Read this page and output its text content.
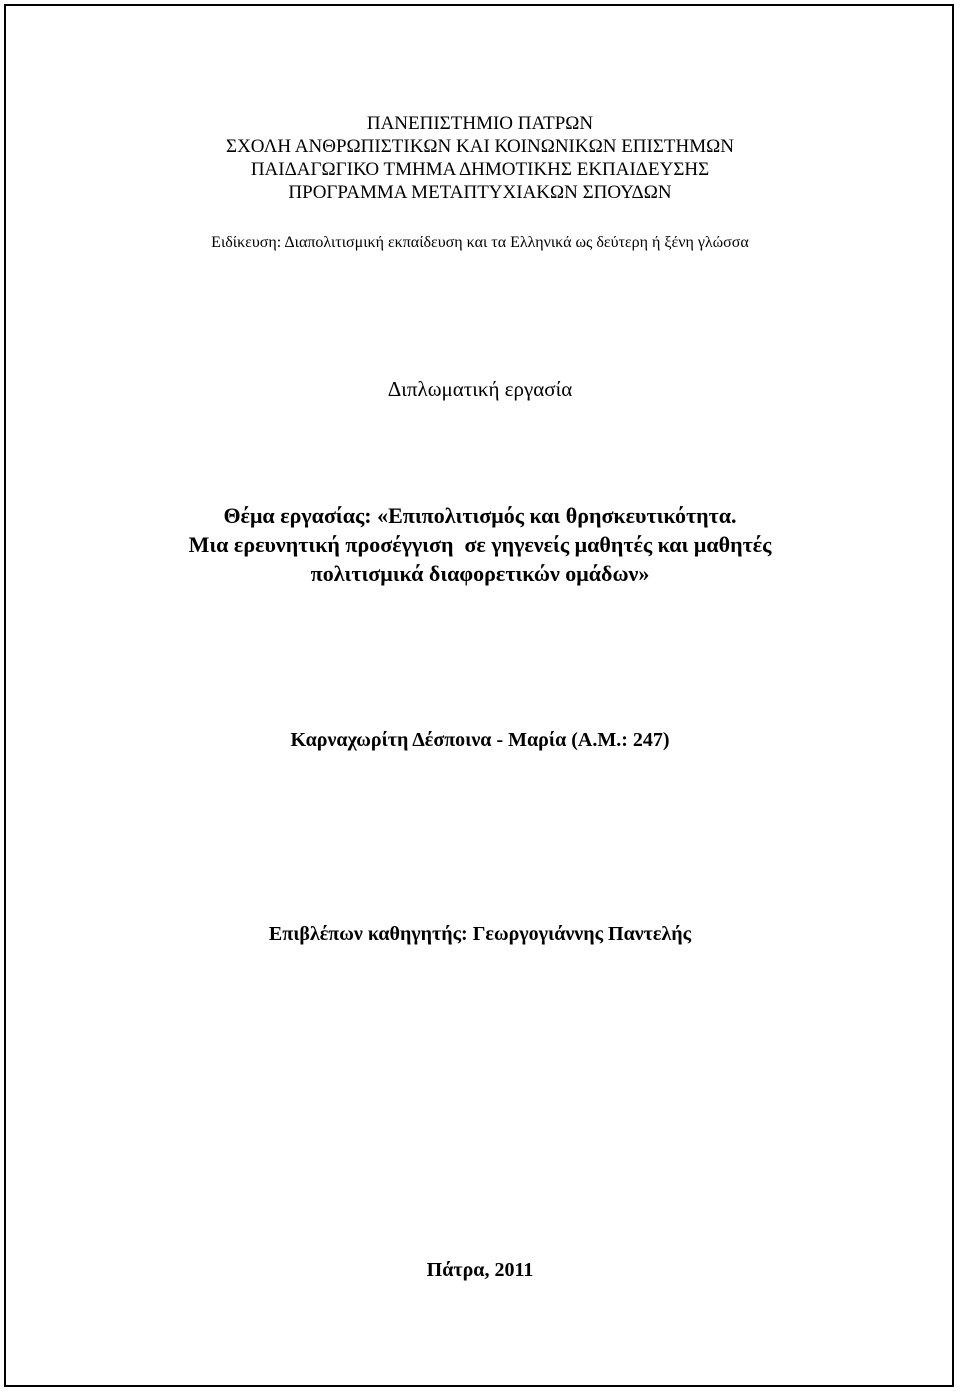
ΠΑΝΕΠΙΣΤΗΜΙΟ ΠΑΤΡΩΝ
ΣΧΟΛΗ ΑΝΘΡΩΠΙΣΤΙΚΩΝ ΚΑΙ ΚΟΙΝΩΝΙΚΩΝ ΕΠΙΣΤΗΜΩΝ
ΠΑΙΔΑΓΩΓΙΚΟ ΤΜΗΜΑ ΔΗΜΟΤΙΚΗΣ ΕΚΠΑΙΔΕΥΣΗΣ
ΠΡΟΓΡΑΜΜΑ ΜΕΤΑΠΤΥΧΙΑΚΩΝ ΣΠΟΥΔΩΝ
Ειδίκευση: Διαπολιτισμική εκπαίδευση και τα Ελληνικά ως δεύτερη ή ξένη γλώσσα
Διπλωματική εργασία
Θέμα εργασίας: «Επιπολιτισμός και θρησκευτικότητα.
Μια ερευνητική προσέγγιση  σε γηγενείς μαθητές και μαθητές
πολιτισμικά διαφορετικών ομάδων»
Καρναχωρίτη Δέσποινα - Μαρία (Α.Μ.: 247)
Επιβλέπων καθηγητής: Γεωργογιάννης Παντελής
Πάτρα, 2011
